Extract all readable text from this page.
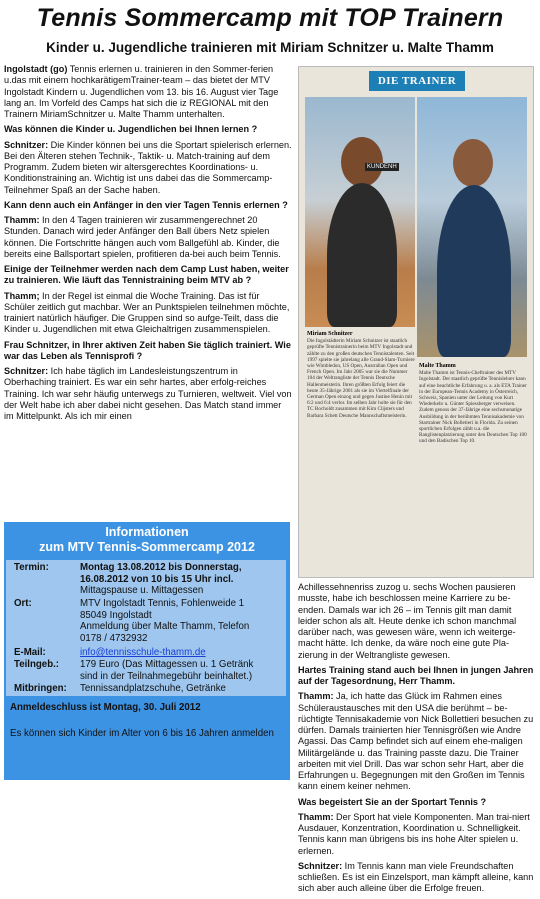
Tennis Sommercamp mit TOP Trainern
Kinder u. Jugendliche trainieren mit Miriam Schnitzer u. Malte Thamm

Ingolstadt (go) Tennis erlernen u. trainieren in den Sommer-ferien u.das mit einem hochkarätigemTrainer-team – das bietet der MTV Ingolstadt Kindern u. Jugendlichen vom 13. bis 16. August vier Tage lang an. Im Vorfeld des Camps hat sich die iz REGIONAL mit den Trainern MiriamSchnitzer u. Malte Thamm unterhalten.

Was können die Kinder u. Jugendlichen bei Ihnen lernen ?

Schnitzer: Die Kinder können bei uns die Sportart spielerisch erlernen. Bei den Älteren stehen Technik-, Taktik- u. Match-training auf dem Programm. Zudem bieten wir altersgerechtes Koordinations- u. Konditionstraining an. Wichtig ist uns dabei das die Sommercamp-Teilnehmer Spaß an der Sache haben.

Kann denn auch ein Anfänger in den vier Tagen Tennis erlernen ?

Thamm: In den 4 Tagen trainieren wir zusammengerechnet 20 Stunden. Danach wird jeder Anfänger den Ball übers Netz spielen können. Die Fortschritte hängen auch vom Ballgefühl ab. Kinder, die bereits eine Ballsportart spielen, profitieren da-bei auch beim Tennis.

Einige der Teilnehmer werden nach dem Camp Lust haben, weiter zu trainieren. Wie läuft das Tennistraining beim MTV ab ?

Thamm; In der Regel ist einmal die Woche Training. Das ist für Schüler zeitlich gut machbar. Wer an Punktspielen teilnehmen möchte, trainiert natürlich häufiger. Die Gruppen sind so aufge-Teilt, dass die Kinder u. Jugendlichen mit etwa Gleichaltrigen zusammenspielen.

Frau Schnitzer, in Ihrer aktiven Zeit haben Sie täglich trainiert. Wie war das Leben als Tennisprofi ?

Schnitzer: Ich habe täglich im Landesleistungszentrum in Oberhaching trainiert. Es war ein sehr hartes, aber erfolg-reiches Training. Ich war sehr häufig unterwegs zu Turnieren, weltweit. Viel von der Welt habe ich aber dabei nicht gesehen. Das Match stand immer im Mittelpunkt. Als ich mir einen

DIE TRAINER
KUNDENH
Miriam Schnitzer
Die Ingolstädterin Miriam Schnitzer ist staatlich geprüfte Tennistrainerin beim MTV Ingolstadt und zählte zu den großen deutschen Tennistalenten. Seit 1997 spielte sie jahrelang alle Grand-Slam-Turniere wie Wimbledon, US Open, Australian Open und French Open. Im Jahr 2005 war sie die Nummer 104 der Weltrangliste der Tennis Deutsche Hallenmeisterin. Ihren größten Erfolg feiert die heute 35-Jährige 2001 als sie im Viertelfinale der German Open einzog und gegen Justine Henin mit 6:2 und 6:4 verlor. Im selben Jahr holte sie für den TC Bocholdt zusammen mit Kim Clijsters und Barbara Schett Deutsche Mannschaftsmeisterin.
Malte Thamm
Malte Thamm ist Tennis-Cheftrainer des MTV Ingolstadt. Der staatlich geprüfte Tennislehrer kann auf eine beachtliche Erfahrung u. a. als ETA Trainer in der European-Tennis Academy in Österreich, Schweiz, Spanien unter der Leitung von Kurt Wiederkehr u. Günter Spiessberger verweisen. Zudem genoss der 37-Jährige eine sechsmonatige Ausbildung in der berühmten Tennisakademie von Startrainer Nick Bolletieri in Florida. Zu seinen sportlichen Erfolgen zählt u.a. die Ranglistenplatzierung unter den Deutschen Top 100 und den Badischen Top 10.

Achillessehnenriss zuzog u. sechs Wochen pausieren musste, habe ich beschlossen meine Karriere zu be-enden. Damals war ich 26 – im Tennis gilt man damit leider schon als alt. Heute denke ich schon manchmal darüber nach, was gewesen wäre, wenn ich weiterge-macht hätte. Ich denke, da wäre noch eine gute Pla-zierung in der Weltrangliste gewesen.

Hartes Training stand auch bei Ihnen in jungen Jahren auf der Tagesordnung, Herr Thamm.

Thamm: Ja, ich hatte das Glück im Rahmen eines Schüleraustausches mit den USA die berühmt – be-rüchtigte Tennisakademie von Nick Bollettieri besuchen zu dürfen. Damals trainierten hier Tennisgrößen wie Andre Agassi. Das Camp befindet sich auf einem ehe-maligen Militärgelände u. das Training passte dazu. Die Trainer arbeiten mit viel Drill. Das war schon sehr Hart, aber die Erfahrungen u. Begegnungen mit den Großen im Tennis kann einem keiner nehmen.

Was begeistert Sie an der Sportart Tennis ?

Thamm: Der Sport hat viele Komponenten. Man trai-niert Ausdauer, Konzentration, Koordination u. Schnelligkeit. Tennis kann man übrigens bis ins hohe Alter spielen u. erlernen.

Schnitzer: Im Tennis kann man viele Freundschaften schließen. Es ist ein Einzelsport, man kämpft alleine, kann sich aber auch alleine über die Erfolge freuen.

Informationen
zum MTV Tennis-Sommercamp 2012
Termin:	Montag 13.08.2012 bis Donnerstag,
16.08.2012 von 10 bis 15 Uhr incl.
Mittagspause u. Mittagessen
Ort:	MTV Ingolstadt Tennis, Fohlenweide 1
85049 Ingolstadt
Anmeldung über Malte Thamm, Telefon
0178 / 4732932
E-Mail:	info@tennisschule-thamm.de
Teilngeb.: 179 Euro (Das Mittagessen u. 1 Getränk
sind in der Teilnahmegebühr beinhaltet.)
Mitbringen: Tennissandplatzschuhe, Getränke
Anmeldeschluss ist Montag, 30. Juli 2012
Es können sich Kinder im Alter von 6 bis 16 Jahren anmelden
